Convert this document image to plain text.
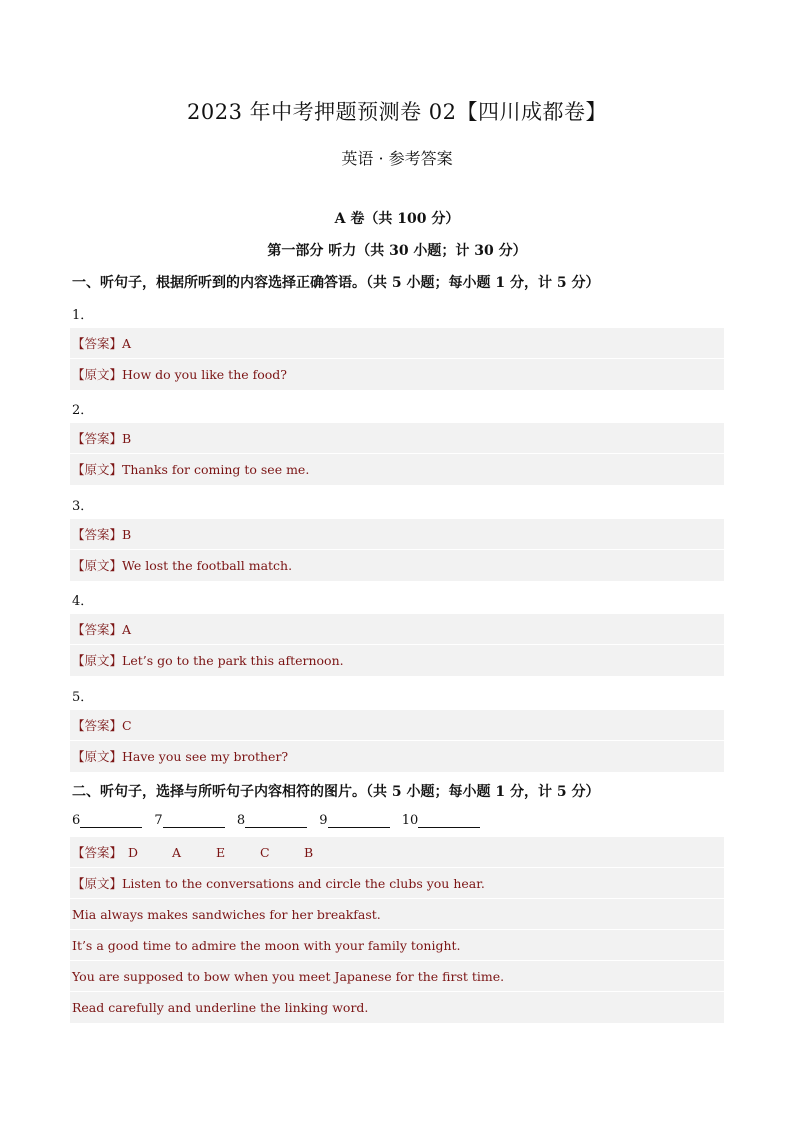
2023 年中考押题预测卷 02【四川成都卷】
英语 · 参考答案
A 卷（共 100 分）
第一部分 听力（共 30 小题；计 30 分）
一、听句子，根据所听到的内容选择正确答语。（共 5 小题；每小题 1 分，计 5 分）
1．
【答案】A
【原文】How do you like the food?
2．
【答案】B
【原文】Thanks for coming to see me.
3．
【答案】B
【原文】We lost the football match.
4．
【答案】A
【原文】Let’s go to the park this afternoon.
5．
【答案】C
【原文】Have you see my brother?
二、听句子，选择与所听句子内容相符的图片。（共 5 小题；每小题 1 分，计 5 分）
6	7	8	9	10
【答案】 D	A	E	C	B
【原文】Listen to the conversations and circle the clubs you hear.
Mia always makes sandwiches for her breakfast.
It’s a good time to admire the moon with your family tonight.
You are supposed to bow when you meet Japanese for the first time.
Read carefully and underline the linking word.
